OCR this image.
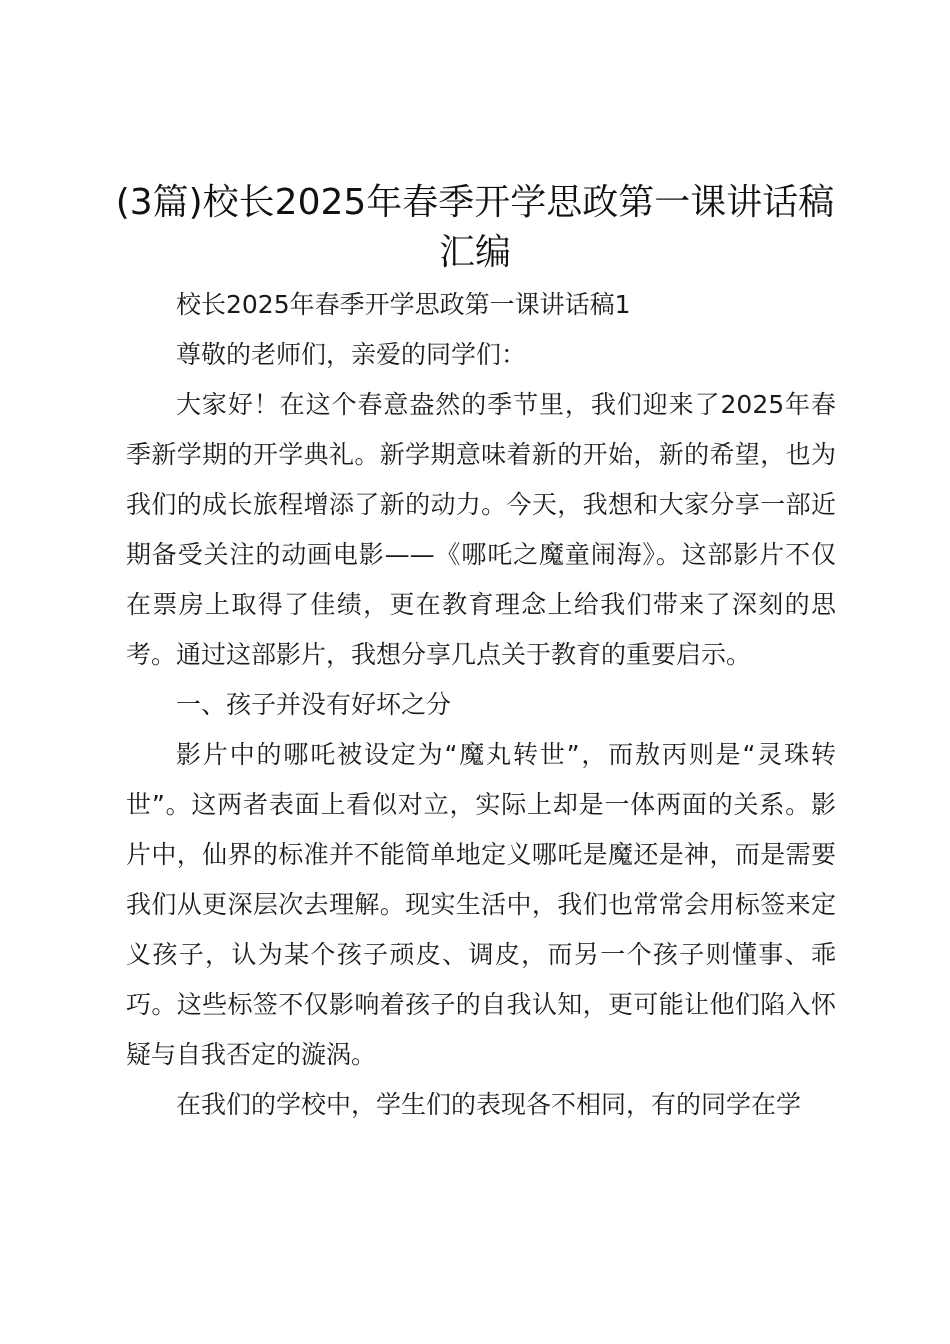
(3篇)校长2025年春季开学思政第一课讲话稿汇编

校长2025年春季开学思政第一课讲话稿1

尊敬的老师们，亲爱的同学们：

大家好！在这个春意盎然的季节里，我们迎来了2025年春季新学期的开学典礼。新学期意味着新的开始，新的希望，也为我们的成长旅程增添了新的动力。今天，我想和大家分享一部近期备受关注的动画电影——《哪吒之魔童闹海》。这部影片不仅在票房上取得了佳绩，更在教育理念上给我们带来了深刻的思考。通过这部影片，我想分享几点关于教育的重要启示。

一、孩子并没有好坏之分

影片中的哪吒被设定为“魔丸转世”，而敖丙则是“灵珠转世”。这两者表面上看似对立，实际上却是一体两面的关系。影片中，仙界的标准并不能简单地定义哪吒是魔还是神，而是需要我们从更深层次去理解。现实生活中，我们也常常会用标签来定义孩子，认为某个孩子顽皮、调皮，而另一个孩子则懂事、乖巧。这些标签不仅影响着孩子的自我认知，更可能让他们陷入怀疑与自我否定的漩涡。

在我们的学校中，学生们的表现各不相同，有的同学在学
